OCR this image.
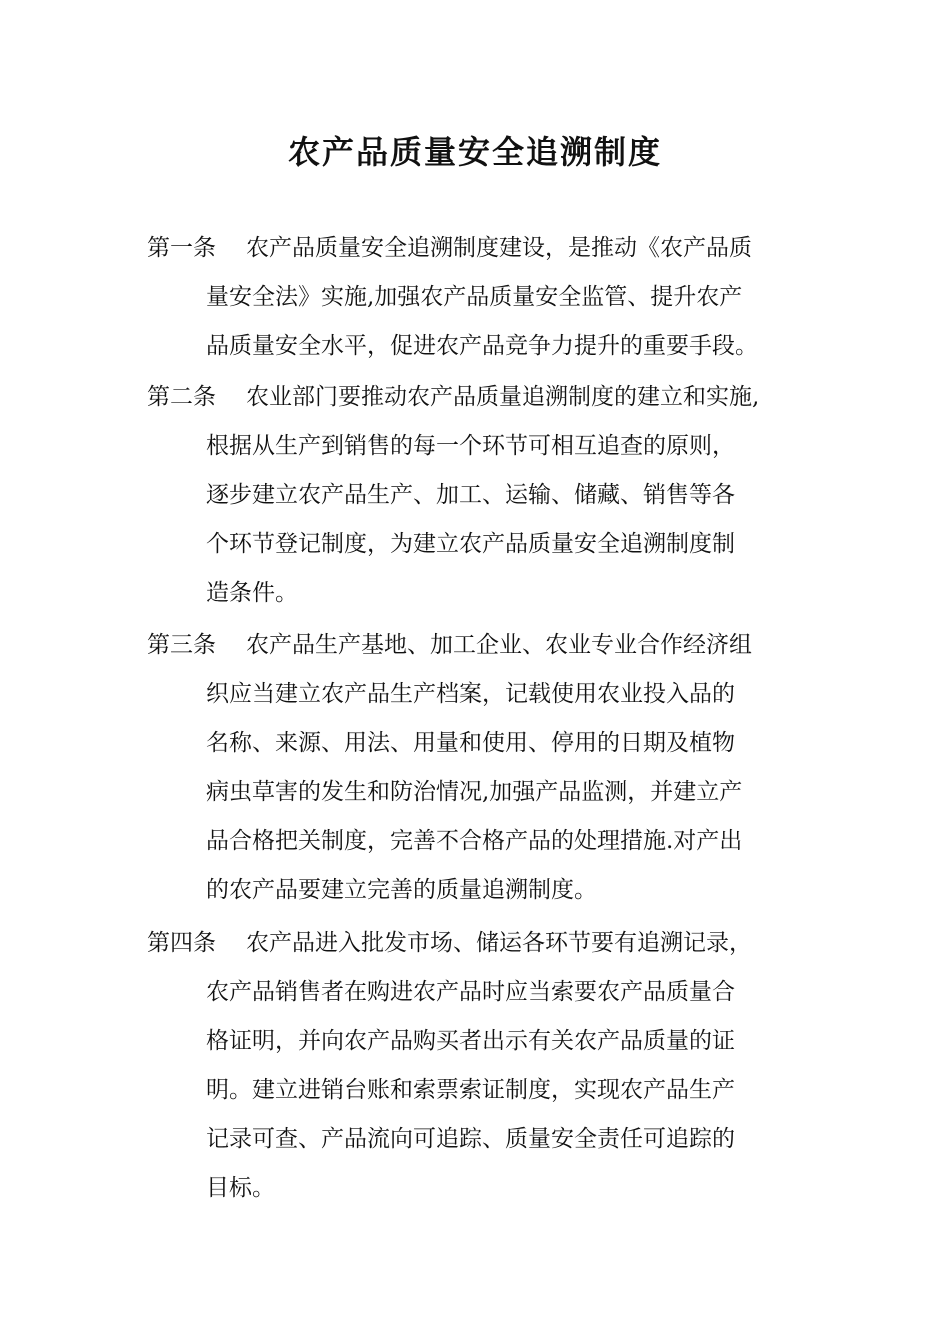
农产品质量安全追溯制度
第一条 农产品质量安全追溯制度建设，是推动《农产品质
量安全法》实施,加强农产品质量安全监管、提升农产
品质量安全水平，促进农产品竞争力提升的重要手段。
第二条 农业部门要推动农产品质量追溯制度的建立和实施,
根据从生产到销售的每一个环节可相互追查的原则，
逐步建立农产品生产、加工、运输、储藏、销售等各
个环节登记制度，为建立农产品质量安全追溯制度制
造条件。
第三条 农产品生产基地、加工企业、农业专业合作经济组
织应当建立农产品生产档案，记载使用农业投入品的
名称、来源、用法、用量和使用、停用的日期及植物
病虫草害的发生和防治情况,加强产品监测，并建立产
品合格把关制度，完善不合格产品的处理措施.对产出
的农产品要建立完善的质量追溯制度。
第四条 农产品进入批发市场、储运各环节要有追溯记录，
农产品销售者在购进农产品时应当索要农产品质量合
格证明，并向农产品购买者出示有关农产品质量的证
明。建立进销台账和索票索证制度，实现农产品生产
记录可查、产品流向可追踪、质量安全责任可追踪的
目标。
